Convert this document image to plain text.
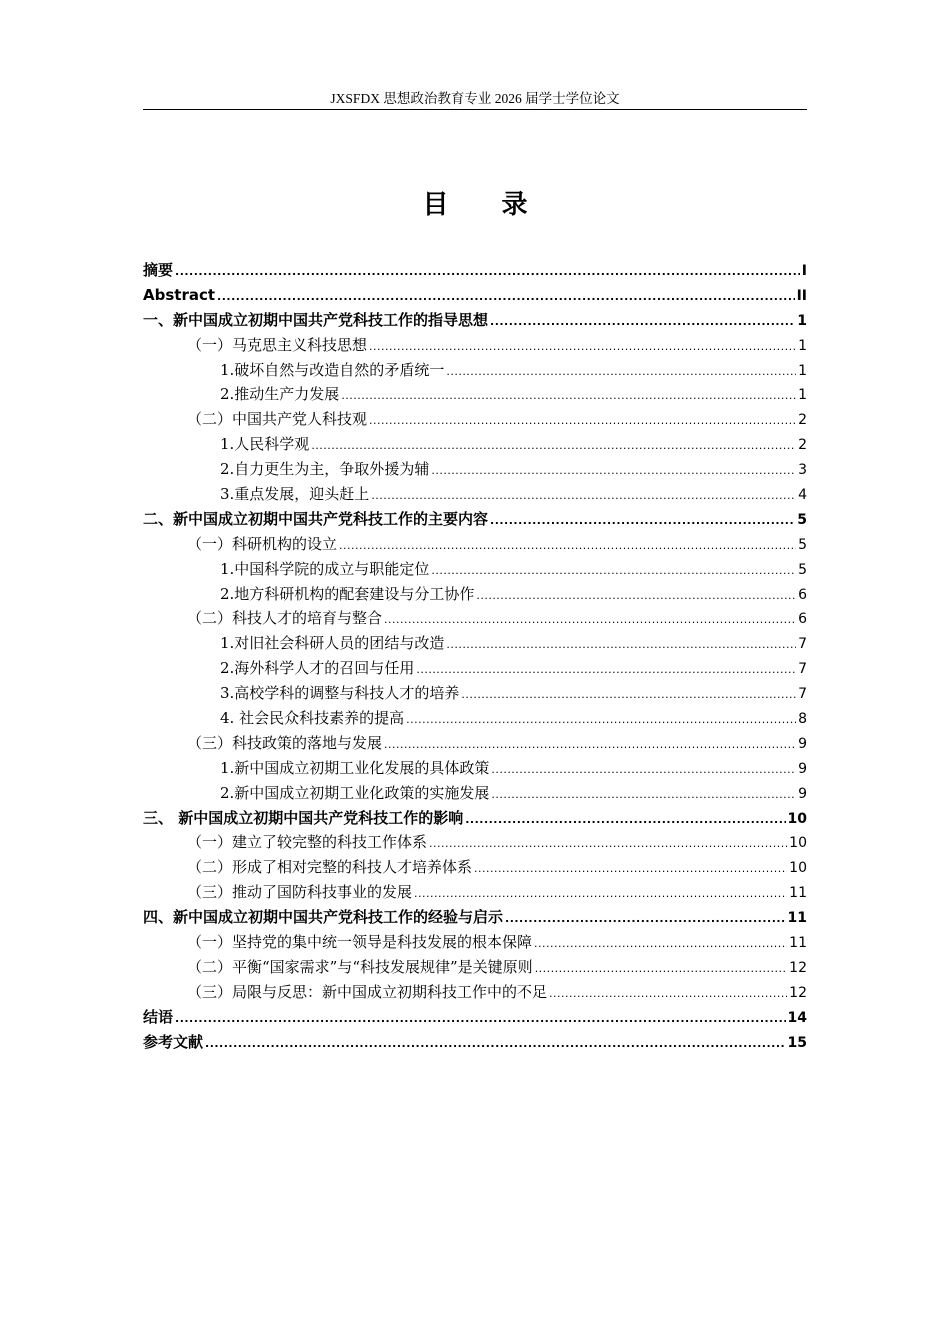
JXSFDX 思想政治教育专业 2026 届学士学位论文
目 录
摘要 .....	I
Abstract .....	II
一、新中国成立初期中国共产党科技工作的指导思想 .....	1
（一）马克思主义科技思想 .....	1
1.破坏自然与改造自然的矛盾统一 .....	1
2.推动生产力发展 .....	1
（二）中国共产党人科技观 .....	2
1.人民科学观 .....	2
2.自力更生为主，争取外援为辅 .....	3
3.重点发展，迎头赶上 .....	4
二、新中国成立初期中国共产党科技工作的主要内容 .....	5
（一）科研机构的设立 .....	5
1.中国科学院的成立与职能定位 .....	5
2.地方科研机构的配套建设与分工协作 .....	6
（二）科技人才的培育与整合 .....	6
1.对旧社会科研人员的团结与改造 .....	7
2.海外科学人才的召回与任用 .....	7
3.高校学科的调整与科技人才的培养 .....	7
4. 社会民众科技素养的提高 .....	8
（三）科技政策的落地与发展 .....	9
1.新中国成立初期工业化发展的具体政策 .....	9
2.新中国成立初期工业化政策的实施发展 .....	9
三、 新中国成立初期中国共产党科技工作的影响 .....	10
（一）建立了较完整的科技工作体系 .....	10
（二）形成了相对完整的科技人才培养体系 .....	10
（三）推动了国防科技事业的发展 .....	11
四、新中国成立初期中国共产党科技工作的经验与启示 .....	11
（一）坚持党的集中统一领导是科技发展的根本保障 .....	11
（二）平衡“国家需求”与“科技发展规律”是关键原则 .....	12
（三）局限与反思：新中国成立初期科技工作中的不足 .....	12
结语 .....	14
参考文献 .....	15
